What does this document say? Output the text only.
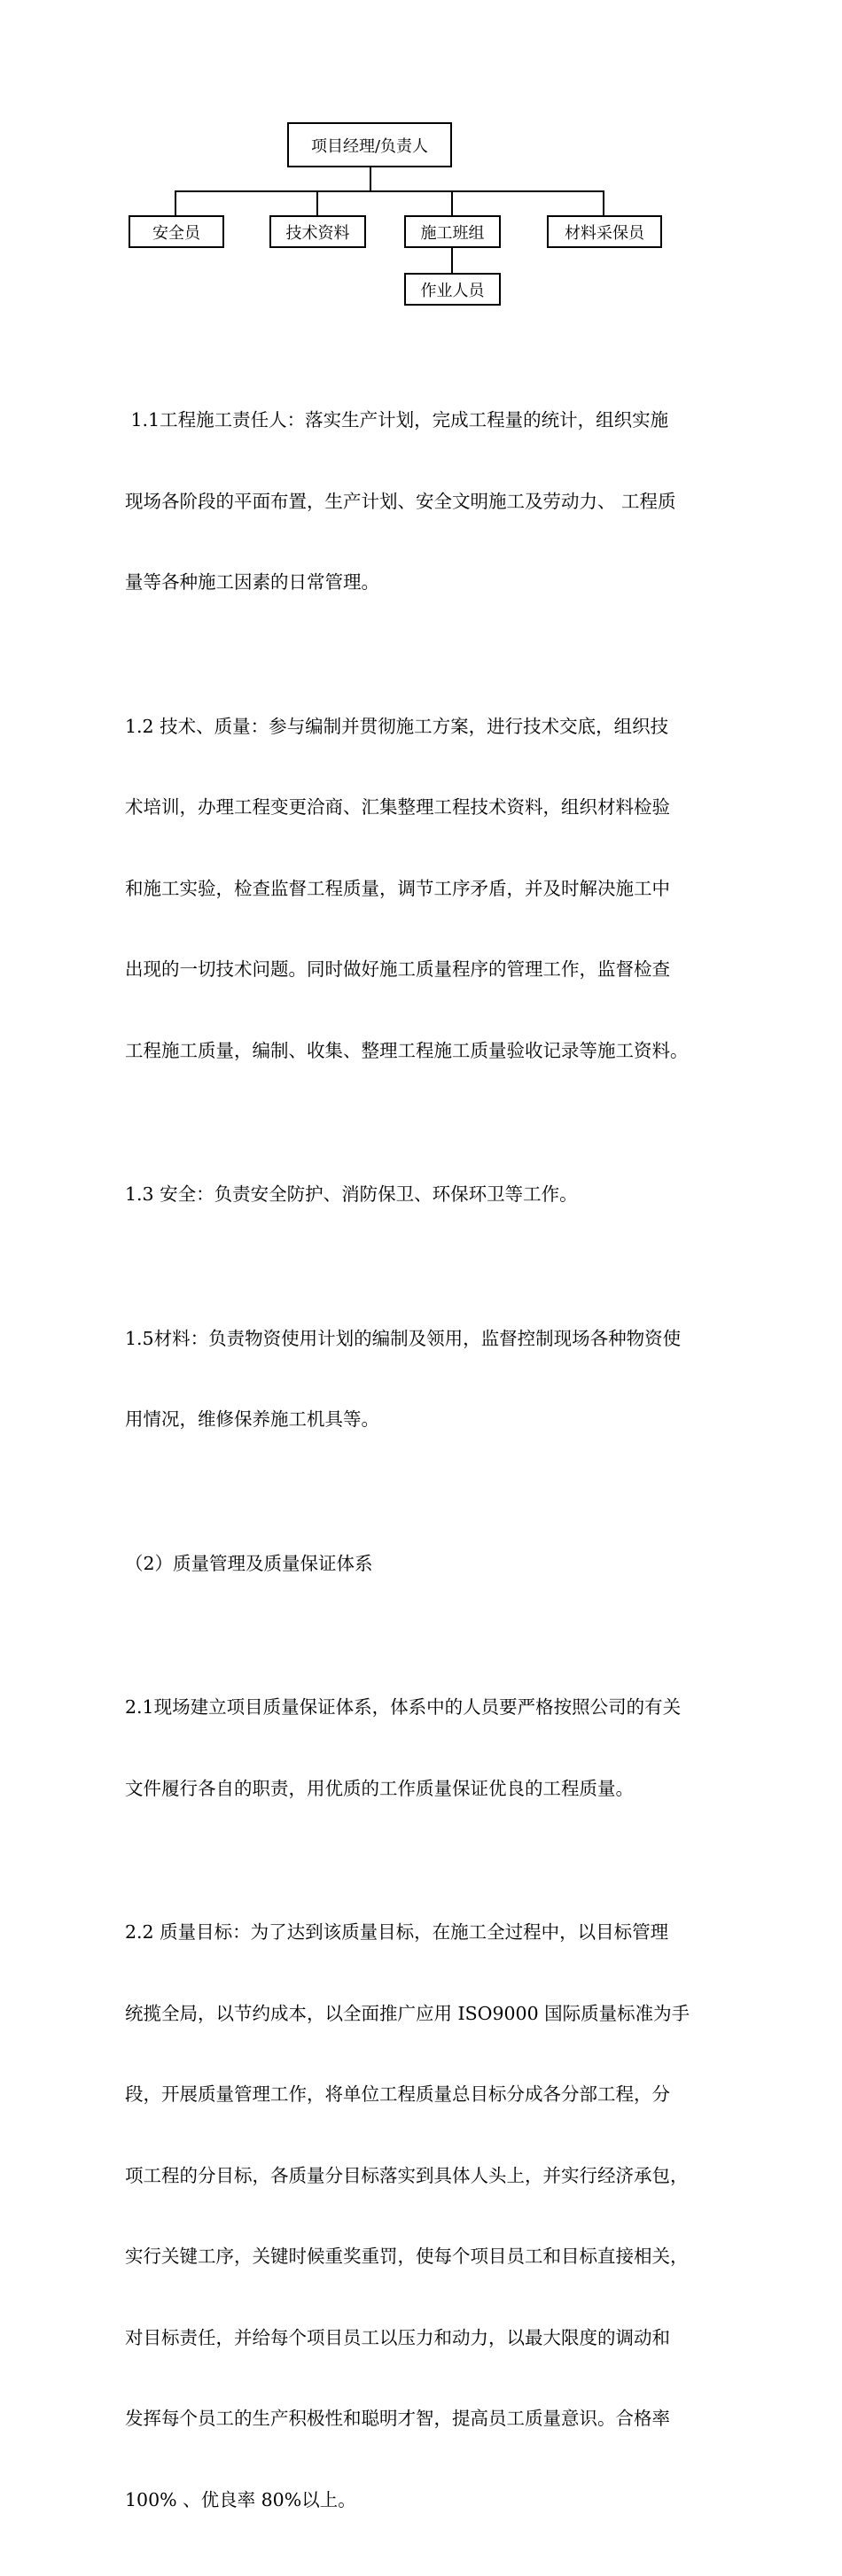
项目经理/负责人
安全员	技术资料	施工班组	材料采保员
作业人员

1.1工程施工责任人：落实生产计划，完成工程量的统计，组织实施

现场各阶段的平面布置，生产计划、安全文明施工及劳动力、 工程质

量等各种施工因素的日常管理。

1.2 技术、质量：参与编制并贯彻施工方案，进行技术交底，组织技

术培训，办理工程变更洽商、汇集整理工程技术资料，组织材料检验

和施工实验，检查监督工程质量，调节工序矛盾，并及时解决施工中

出现的一切技术问题。同时做好施工质量程序的管理工作，监督检查

工程施工质量，编制、收集、整理工程施工质量验收记录等施工资料。

1.3 安全：负责安全防护、消防保卫、环保环卫等工作。

1.5材料：负责物资使用计划的编制及领用，监督控制现场各种物资使

用情况，维修保养施工机具等。

（2）质量管理及质量保证体系

2.1现场建立项目质量保证体系，体系中的人员要严格按照公司的有关

文件履行各自的职责，用优质的工作质量保证优良的工程质量。

2.2 质量目标：为了达到该质量目标，在施工全过程中，以目标管理

统揽全局，以节约成本，以全面推广应用 ISO9000 国际质量标准为手

段，开展质量管理工作，将单位工程质量总目标分成各分部工程，分

项工程的分目标，各质量分目标落实到具体人头上，并实行经济承包，

实行关键工序，关键时候重奖重罚，使每个项目员工和目标直接相关，

对目标责任，并给每个项目员工以压力和动力，以最大限度的调动和

发挥每个员工的生产积极性和聪明才智，提高员工质量意识。合格率

100% 、优良率 80%以上。
